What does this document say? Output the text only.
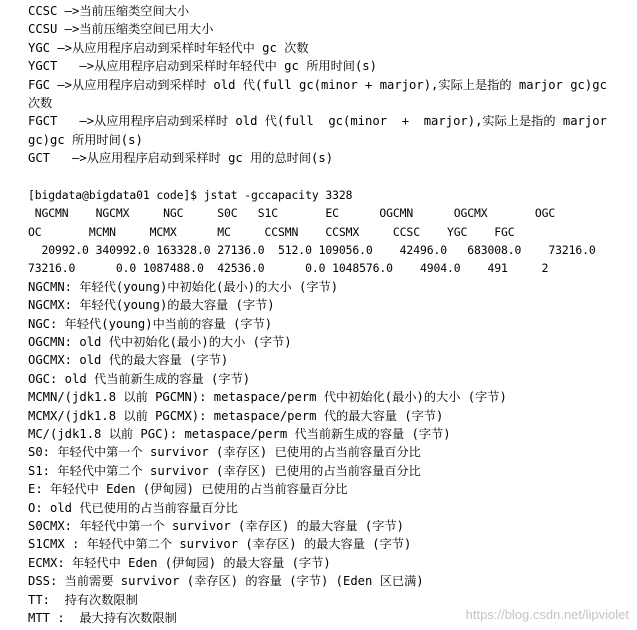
CCSC —>当前压缩类空间大小
CCSU —>当前压缩类空间已用大小
YGC —>从应用程序启动到采样时年轻代中 gc 次数
YGCT   —>从应用程序启动到采样时年轻代中 gc 所用时间(s)
FGC —>从应用程序启动到采样时 old 代(full gc(minor + marjor),实际上是指的 marjor gc)gc
次数
FGCT   —>从应用程序启动到采样时 old 代(full  gc(minor  +  marjor),实际上是指的 marjor
gc)gc 所用时间(s)
GCT   —>从应用程序启动到采样时 gc 用的总时间(s)
[bigdata@bigdata01 code]$ jstat -gccapacity 3328
NGCMN    NGCMX     NGC     S0C   S1C       EC      OGCMN      OGCMX       OGC
OC       MCMN     MCMX      MC     CCSMN    CCSMX     CCSC    YGC    FGC
20992.0 340992.0 163328.0 27136.0  512.0 109056.0    42496.0   683008.0    73216.0
73216.0      0.0 1087488.0  42536.0      0.0 1048576.0    4904.0    491     2
NGCMN: 年轻代(young)中初始化(最小)的大小 (字节)
NGCMX: 年轻代(young)的最大容量 (字节)
NGC: 年轻代(young)中当前的容量 (字节)
OGCMN: old 代中初始化(最小)的大小 (字节)
OGCMX: old 代的最大容量 (字节)
OGC: old 代当前新生成的容量 (字节)
MCMN/(jdk1.8 以前 PGCMN): metaspace/perm 代中初始化(最小)的大小 (字节)
MCMX/(jdk1.8 以前 PGCMX): metaspace/perm 代的最大容量 (字节)
MC/(jdk1.8 以前 PGC): metaspace/perm 代当前新生成的容量 (字节)
S0: 年轻代中第一个 survivor (幸存区) 已使用的占当前容量百分比
S1: 年轻代中第二个 survivor (幸存区) 已使用的占当前容量百分比
E: 年轻代中 Eden (伊甸园) 已使用的占当前容量百分比
O: old 代已使用的占当前容量百分比
S0CMX: 年轻代中第一个 survivor (幸存区) 的最大容量 (字节)
S1CMX : 年轻代中第二个 survivor (幸存区) 的最大容量 (字节)
ECMX: 年轻代中 Eden (伊甸园) 的最大容量 (字节)
DSS: 当前需要 survivor (幸存区) 的容量 (字节) (Eden 区已满)
TT:  持有次数限制
MTT :  最大持有次数限制	https://blog.csdn.net/lipviolet
